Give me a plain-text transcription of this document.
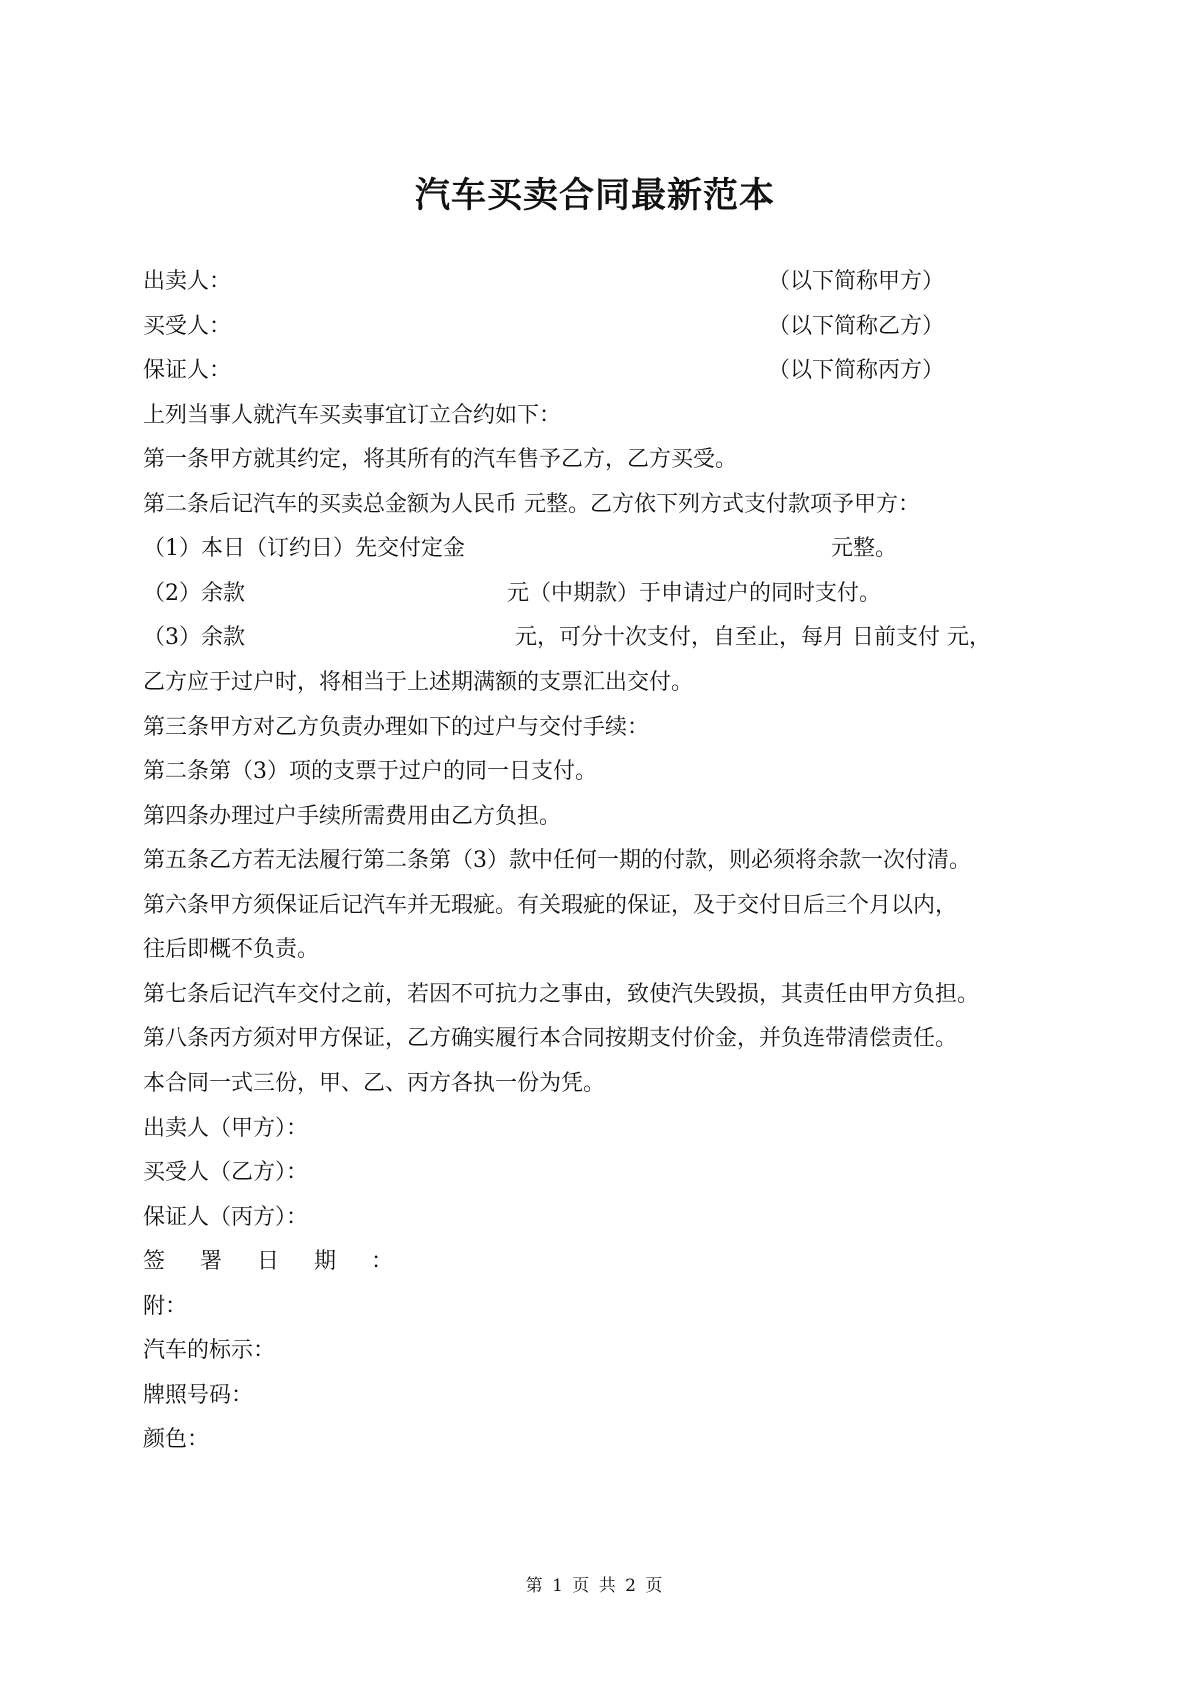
汽车买卖合同最新范本
出卖人：	（以下简称甲方）
买受人：	（以下简称乙方）
保证人：	（以下简称丙方）
上列当事人就汽车买卖事宜订立合约如下：
第一条甲方就其约定，将其所有的汽车售予乙方，乙方买受。
第二条后记汽车的买卖总金额为人民币 元整。乙方依下列方式支付款项予甲方：
（1）本日（订约日）先交付定金	元整。
（2）余款	元（中期款）于申请过户的同时支付。
（3）余款	元，可分十次支付，自至止，每月 日前支付 元，
乙方应于过户时，将相当于上述期满额的支票汇出交付。
第三条甲方对乙方负责办理如下的过户与交付手续：
第二条第（3）项的支票于过户的同一日支付。
第四条办理过户手续所需费用由乙方负担。
第五条乙方若无法履行第二条第（3）款中任何一期的付款，则必须将余款一次付清。
第六条甲方须保证后记汽车并无瑕疵。有关瑕疵的保证，及于交付日后三个月以内，
往后即概不负责。
第七条后记汽车交付之前，若因不可抗力之事由，致使汽失毁损，其责任由甲方负担。
第八条丙方须对甲方保证，乙方确实履行本合同按期支付价金，并负连带清偿责任。
本合同一式三份，甲、乙、丙方各执一份为凭。
出卖人（甲方）：
买受人（乙方）：
保证人（丙方）：
签 署 日 期 ：
附：
汽车的标示：
牌照号码：
颜色：
第 1 页 共 2 页
